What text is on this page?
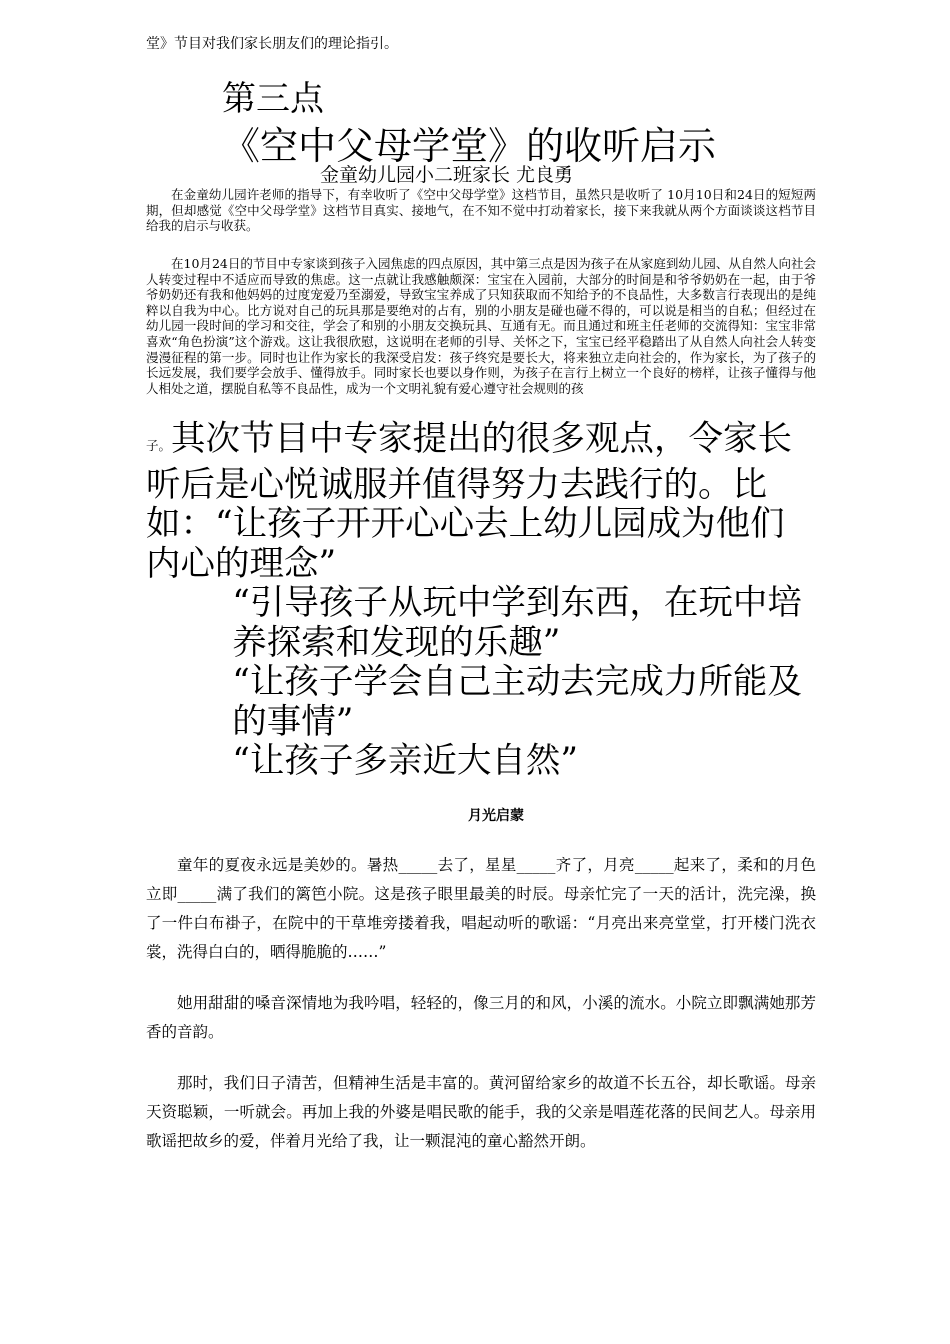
堂》节目对我们家长朋友们的理论指引。

第三点
《空中父母学堂》的收听启示
金童幼儿园小二班家长 尤良勇

在金童幼儿园许老师的指导下，有幸收听了《空中父母学堂》这档节目，虽然只是收听了 10月10日和24日的短短两期，但却感觉《空中父母学堂》这档节目真实、接地气，在不知不觉中打动着家长，接下来我就从两个方面谈谈这档节目给我的启示与收获。

在10月24日的节目中专家谈到孩子入园焦虑的四点原因，其中第三点是因为孩子在从家庭到幼儿园、从自然人向社会人转变过程中不适应而导致的焦虑。这一点就让我感触颇深：宝宝在入园前，大部分的时间是和爷爷奶奶在一起，由于爷爷奶奶还有我和他妈妈的过度宠爱乃至溺爱，导致宝宝养成了只知获取而不知给予的不良品性，大多数言行表现出的是纯粹以自我为中心。比方说对自己的玩具那是要绝对的占有，别的小朋友是碰也碰不得的，可以说是相当的自私；但经过在幼儿园一段时间的学习和交往，学会了和别的小朋友交换玩具、互通有无。而且通过和班主任老师的交流得知：宝宝非常喜欢“角色扮演”这个游戏。这让我很欣慰，这说明在老师的引导、关怀之下，宝宝已经平稳踏出了从自然人向社会人转变漫漫征程的第一步。同时也让作为家长的我深受启发：孩子终究是要长大，将来独立走向社会的，作为家长，为了孩子的长远发展，我们要学会放手、懂得放手。同时家长也要以身作则，为孩子在言行上树立一个良好的榜样，让孩子懂得与他人相处之道，摆脱自私等不良品性，成为一个文明礼貌有爱心遵守社会规则的孩

子。其次节目中专家提出的很多观点，令家长听后是心悦诚服并值得努力去践行的。比如：“让孩子开开心心去上幼儿园成为他们内心的理念”
“引导孩子从玩中学到东西，在玩中培养探索和发现的乐趣”
“让孩子学会自己主动去完成力所能及的事情”
“让孩子多亲近大自然”
月光启蒙

童年的夏夜永远是美妙的。暑热_____去了，星星_____齐了，月亮_____起来了，柔和的月色立即_____满了我们的篱笆小院。这是孩子眼里最美的时辰。母亲忙完了一天的活计，洗完澡，换了一件白布褂子，在院中的干草堆旁搂着我，唱起动听的歌谣：“月亮出来亮堂堂，打开楼门洗衣裳，洗得白白的，晒得脆脆的……”

她用甜甜的嗓音深情地为我吟唱，轻轻的，像三月的和风，小溪的流水。小院立即飘满她那芳香的音韵。

那时，我们日子清苦，但精神生活是丰富的。黄河留给家乡的故道不长五谷，却长歌谣。母亲天资聪颖，一听就会。再加上我的外婆是唱民歌的能手，我的父亲是唱莲花落的民间艺人。母亲用歌谣把故乡的爱，伴着月光给了我，让一颗混沌的童心豁然开朗。
